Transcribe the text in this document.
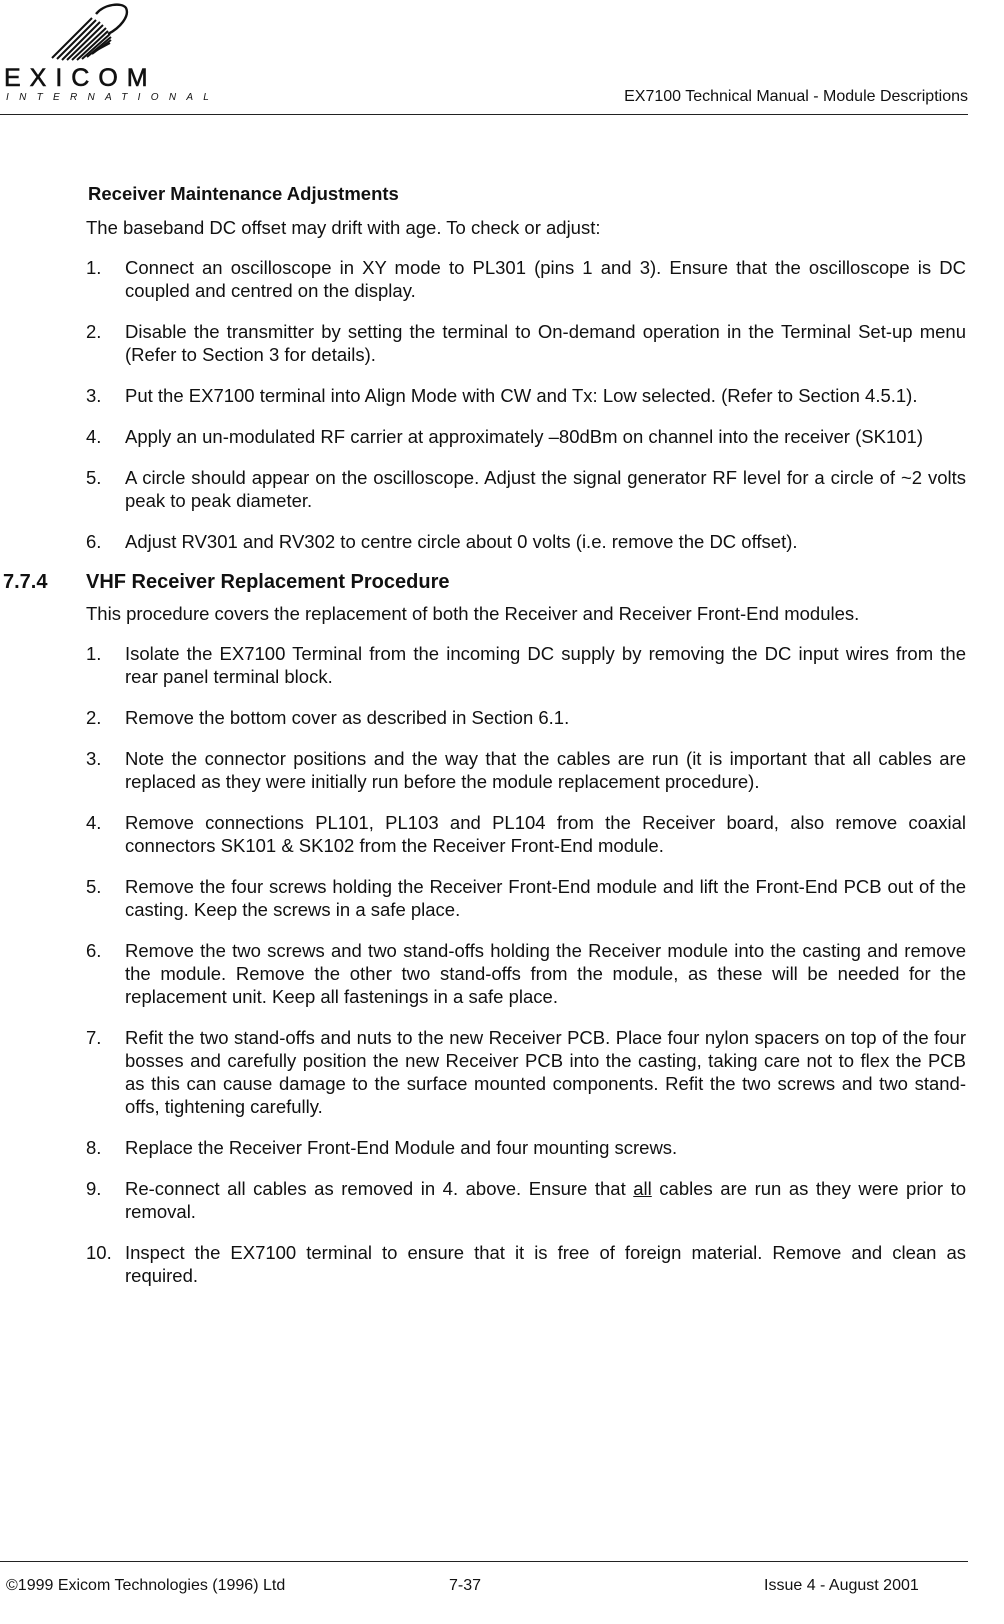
EXICOM
INTERNATIONAL	EX7100 Technical Manual - Module Descriptions
Receiver Maintenance Adjustments

The baseband DC offset may drift with age. To check or adjust:

1. Connect an oscilloscope in XY mode to PL301 (pins 1 and 3). Ensure that the oscilloscope is DC coupled and centred on the display.
2. Disable the transmitter by setting the terminal to On-demand operation in the Terminal Set-up menu (Refer to Section 3 for details).
3. Put the EX7100 terminal into Align Mode with CW and Tx: Low selected. (Refer to Section 4.5.1).
4. Apply an un-modulated RF carrier at approximately –80dBm on channel into the receiver (SK101)
5. A circle should appear on the oscilloscope. Adjust the signal generator RF level for a circle of ~2 volts peak to peak diameter.
6. Adjust RV301 and RV302 to centre circle about 0 volts (i.e. remove the DC offset).
7.7.4 VHF Receiver Replacement Procedure

This procedure covers the replacement of both the Receiver and Receiver Front-End modules.

1. Isolate the EX7100 Terminal from the incoming DC supply by removing the DC input wires from the rear panel terminal block.
2. Remove the bottom cover as described in Section 6.1.
3. Note the connector positions and the way that the cables are run (it is important that all cables are replaced as they were initially run before the module replacement procedure).
4. Remove connections PL101, PL103 and PL104 from the Receiver board, also remove coaxial connectors SK101 & SK102 from the Receiver Front-End module.
5. Remove the four screws holding the Receiver Front-End module and lift the Front-End PCB out of the casting. Keep the screws in a safe place.
6. Remove the two screws and two stand-offs holding the Receiver module into the casting and remove the module. Remove the other two stand-offs from the module, as these will be needed for the replacement unit. Keep all fastenings in a safe place.
7. Refit the two stand-offs and nuts to the new Receiver PCB. Place four nylon spacers on top of the four bosses and carefully position the new Receiver PCB into the casting, taking care not to flex the PCB as this can cause damage to the surface mounted components. Refit the two screws and two stand-offs, tightening carefully.
8. Replace the Receiver Front-End Module and four mounting screws.
9. Re-connect all cables as removed in 4. above. Ensure that all cables are run as they were prior to removal.
10. Inspect the EX7100 terminal to ensure that it is free of foreign material. Remove and clean as required.
©1999 Exicom Technologies (1996) Ltd	7-37	Issue 4 - August 2001
